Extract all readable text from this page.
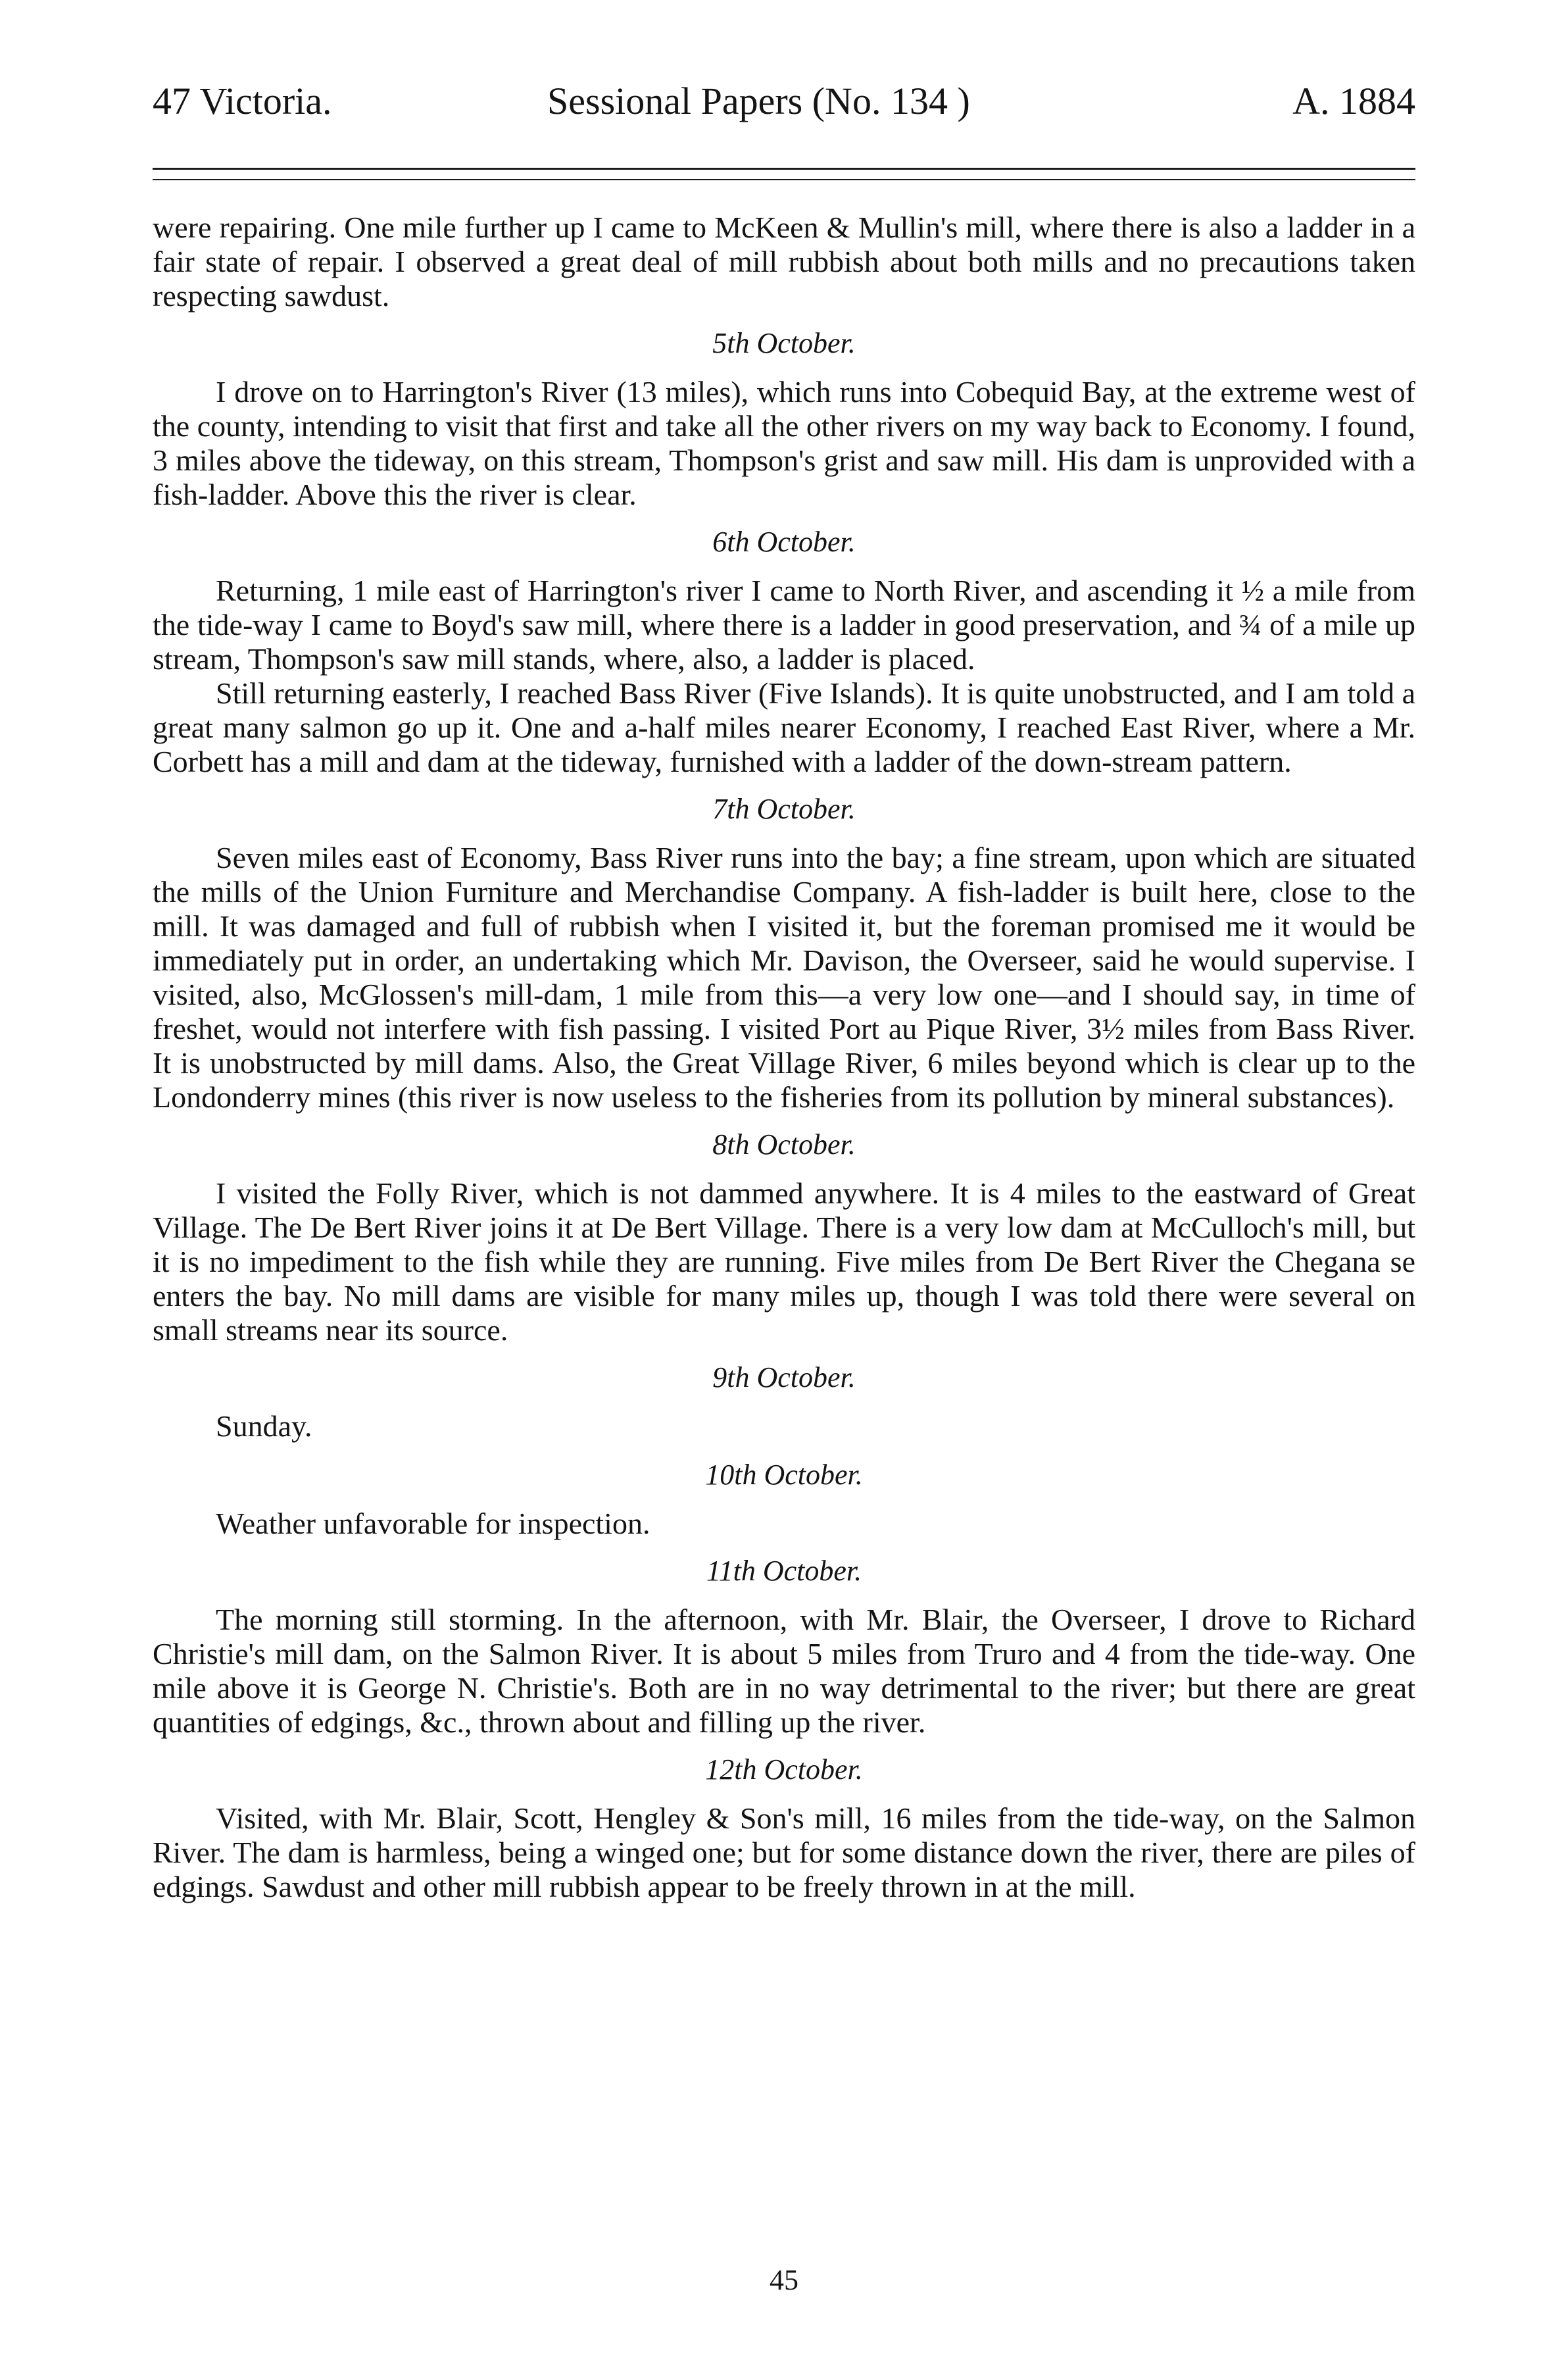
47 Victoria.	Sessional Papers (No. 134 )	A. 1884

were repairing. One mile further up I came to McKeen & Mullin's mill, where there is also a ladder in a fair state of repair. I observed a great deal of mill rubbish about both mills and no precautions taken respecting sawdust.

5th October.

I drove on to Harrington's River (13 miles), which runs into Cobequid Bay, at the extreme west of the county, intending to visit that first and take all the other rivers on my way back to Economy. I found, 3 miles above the tideway, on this stream, Thompson's grist and saw mill. His dam is unprovided with a fish-ladder. Above this the river is clear.

6th October.

Returning, 1 mile east of Harrington's river I came to North River, and ascending it ½ a mile from the tide-way I came to Boyd's saw mill, where there is a ladder in good preservation, and ¾ of a mile up stream, Thompson's saw mill stands, where, also, a ladder is placed.

Still returning easterly, I reached Bass River (Five Islands). It is quite unobstructed, and I am told a great many salmon go up it. One and a-half miles nearer Economy, I reached East River, where a Mr. Corbett has a mill and dam at the tideway, furnished with a ladder of the down-stream pattern.

7th October.

Seven miles east of Economy, Bass River runs into the bay; a fine stream, upon which are situated the mills of the Union Furniture and Merchandise Company. A fish-ladder is built here, close to the mill. It was damaged and full of rubbish when I visited it, but the foreman promised me it would be immediately put in order, an undertaking which Mr. Davison, the Overseer, said he would supervise. I visited, also, McGlossen's mill-dam, 1 mile from this—a very low one—and I should say, in time of freshet, would not interfere with fish passing. I visited Port au Pique River, 3½ miles from Bass River. It is unobstructed by mill dams. Also, the Great Village River, 6 miles beyond which is clear up to the Londonderry mines (this river is now useless to the fisheries from its pollution by mineral substances).

8th October.

I visited the Folly River, which is not dammed anywhere. It is 4 miles to the eastward of Great Village. The De Bert River joins it at De Bert Village. There is a very low dam at McCulloch's mill, but it is no impediment to the fish while they are running. Five miles from De Bert River the Chegana se enters the bay. No mill dams are visible for many miles up, though I was told there were several on small streams near its source.

9th October.
Sunday.
10th October.

Weather unfavorable for inspection.

11th October.

The morning still storming. In the afternoon, with Mr. Blair, the Overseer, I drove to Richard Christie's mill dam, on the Salmon River. It is about 5 miles from Truro and 4 from the tide-way. One mile above it is George N. Christie's. Both are in no way detrimental to the river; but there are great quantities of edgings, &c., thrown about and filling up the river.

12th October.

Visited, with Mr. Blair, Scott, Hengley & Son's mill, 16 miles from the tide-way, on the Salmon River. The dam is harmless, being a winged one; but for some distance down the river, there are piles of edgings. Sawdust and other mill rubbish appear to be freely thrown in at the mill.

45
